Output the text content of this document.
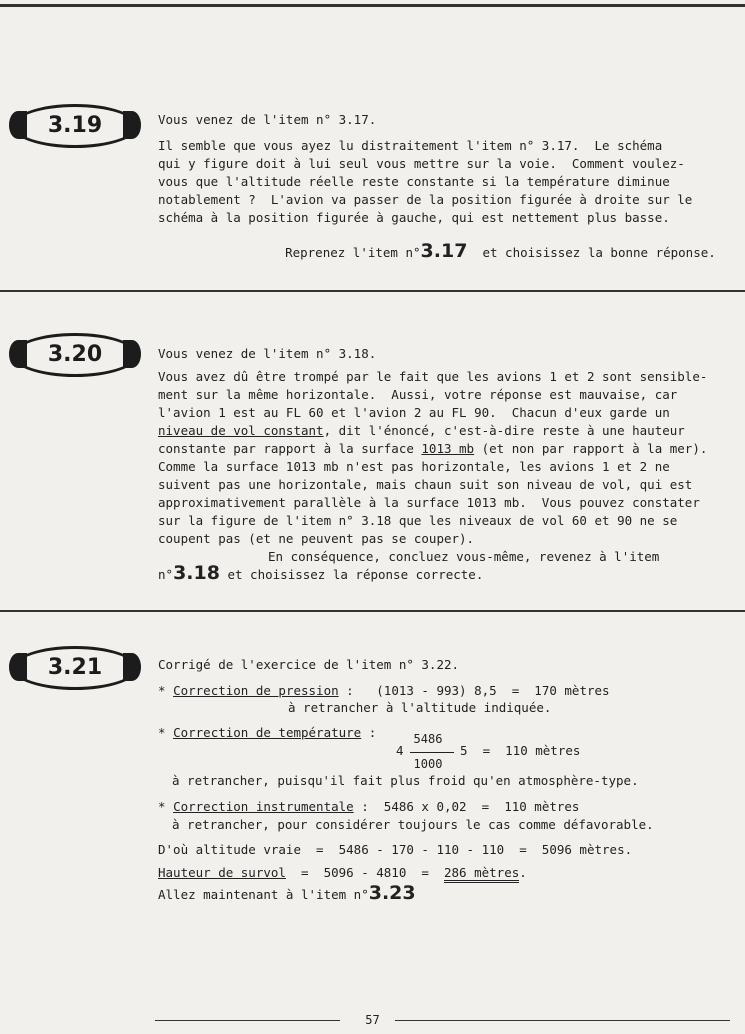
3.19	Vous venez de l'item n° 3.17.
Il semble que vous ayez lu distraitement l'item n° 3.17.  Le schéma
qui y figure doit à lui seul vous mettre sur la voie.  Comment voulez-
vous que l'altitude réelle reste constante si la température diminue
notablement ?  L'avion va passer de la position figurée à droite sur le
schéma à la position figurée à gauche, qui est nettement plus basse.

Reprenez l'item n°3.17 et choisissez la bonne réponse.

3.20	Vous venez de l'item n° 3.18.
Vous avez dû être trompé par le fait que les avions 1 et 2 sont sensible-
ment sur la même horizontale.  Aussi, votre réponse est mauvaise, car
l'avion 1 est au FL 60 et l'avion 2 au FL 90.  Chacun d'eux garde un
niveau de vol constant, dit l'énoncé, c'est-à-dire reste à une hauteur
constante par rapport à la surface 1013 mb (et non par rapport à la mer).
Comme la surface 1013 mb n'est pas horizontale, les avions 1 et 2 ne
suivent pas une horizontale, mais chaun suit son niveau de vol, qui est
approximativement parallèle à la surface 1013 mb.  Vous pouvez constater
sur la figure de l'item n° 3.18 que les niveaux de vol 60 et 90 ne se
coupent pas (et ne peuvent pas se couper).
En conséquence, concluez vous-même, revenez à l'item
n°3.18 et choisissez la réponse correcte.
3.21	Corrigé de l'exercice de l'item n° 3.22.
* Correction de pression :   (1013 - 993) 8,5  =  170 mètres
à retrancher à l'altitude indiquée.
* Correction de température :	5486
4	5  =  110 mètres
1000
à retrancher, puisqu'il fait plus froid qu'en atmosphère-type.
* Correction instrumentale :  5486 x 0,02  =  110 mètres
à retrancher, pour considérer toujours le cas comme défavorable.
D'où altitude vraie  =  5486 - 170 - 110 - 110  =  5096 mètres.
Hauteur de survol  =  5096 - 4810  =  286 mètres.
Allez maintenant à l'item n°3.23
57
